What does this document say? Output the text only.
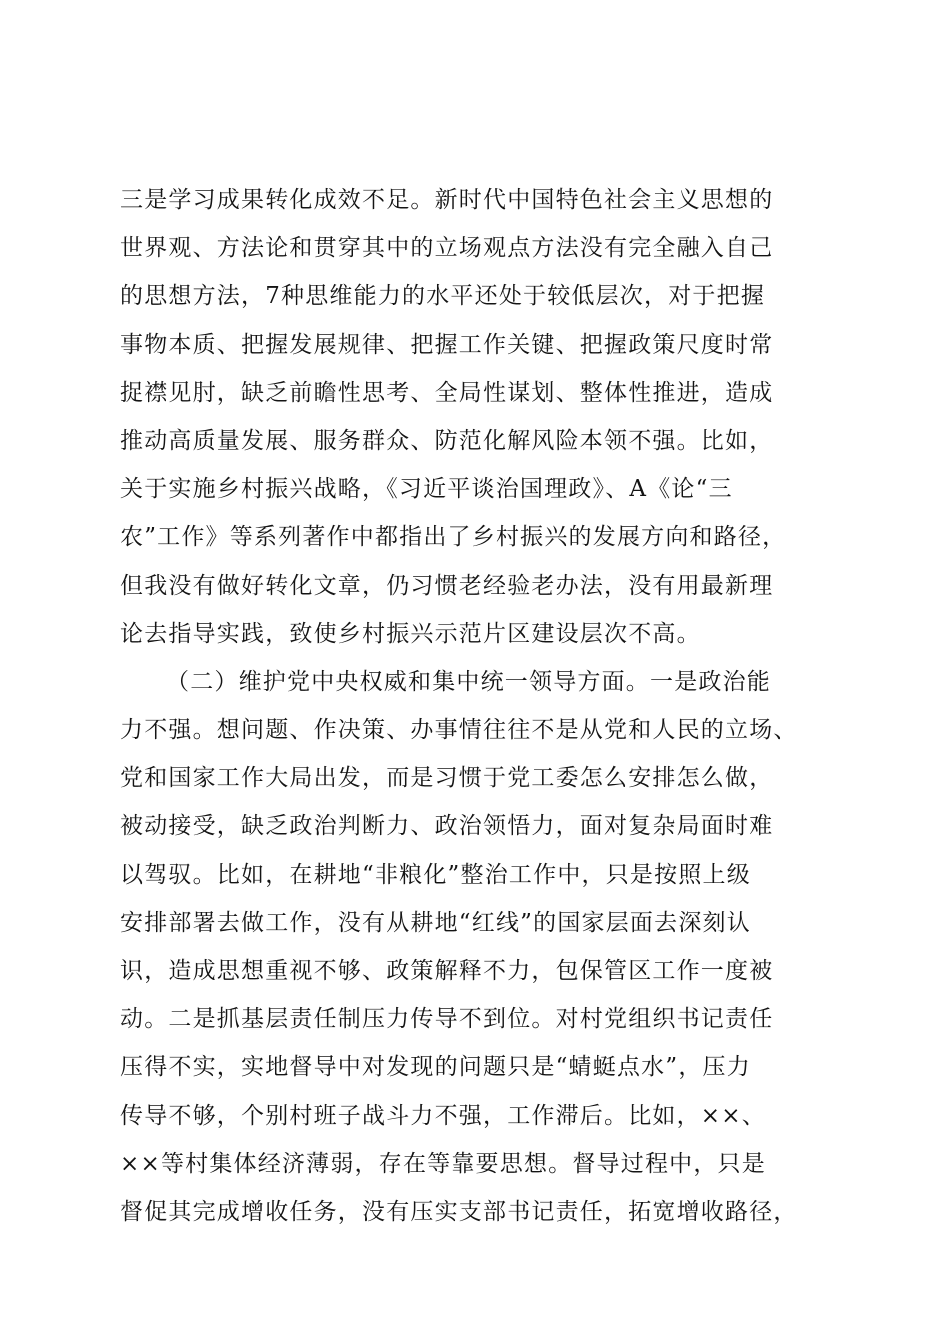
三是学习成果转化成效不足。新时代中国特色社会主义思想的
世界观、方法论和贯穿其中的立场观点方法没有完全融入自己
的思想方法，7种思维能力的水平还处于较低层次，对于把握
事物本质、把握发展规律、把握工作关键、把握政策尺度时常
捉襟见肘，缺乏前瞻性思考、全局性谋划、整体性推进，造成
推动高质量发展、服务群众、防范化解风险本领不强。比如，
关于实施乡村振兴战略，《习近平谈治国理政》、A《论“三
农”工作》等系列著作中都指出了乡村振兴的发展方向和路径，
但我没有做好转化文章，仍习惯老经验老办法，没有用最新理
论去指导实践，致使乡村振兴示范片区建设层次不高。
（二）维护党中央权威和集中统一领导方面。一是政治能
力不强。想问题、作决策、办事情往往不是从党和人民的立场、
党和国家工作大局出发，而是习惯于党工委怎么安排怎么做，
被动接受，缺乏政治判断力、政治领悟力，面对复杂局面时难
以驾驭。比如，在耕地“非粮化”整治工作中，只是按照上级
安排部署去做工作，没有从耕地“红线”的国家层面去深刻认
识，造成思想重视不够、政策解释不力，包保管区工作一度被
动。二是抓基层责任制压力传导不到位。对村党组织书记责任
压得不实，实地督导中对发现的问题只是“蜻蜓点水”，压力
传导不够，个别村班子战斗力不强，工作滞后。比如，××、
××等村集体经济薄弱，存在等靠要思想。督导过程中，只是
督促其完成增收任务，没有压实支部书记责任，拓宽增收路径，
